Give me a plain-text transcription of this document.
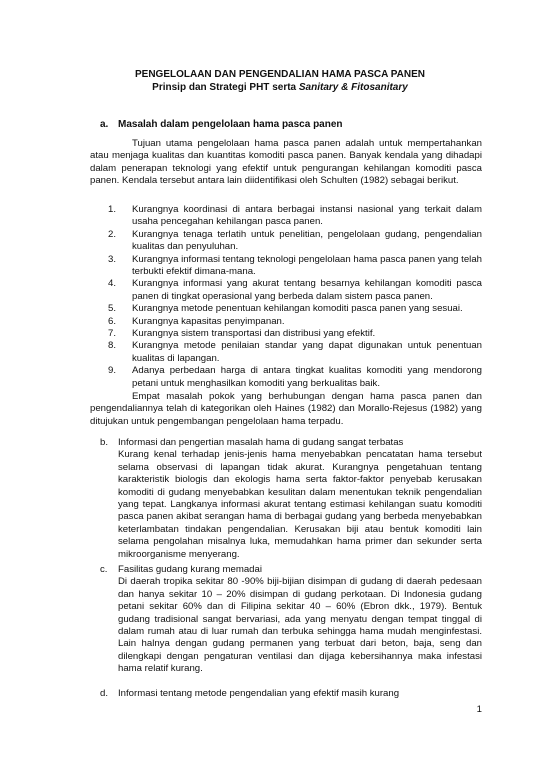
PENGELOLAAN DAN PENGENDALIAN HAMA PASCA PANEN
Prinsip dan Strategi PHT serta Sanitary & Fitosanitary
a. Masalah dalam pengelolaan hama pasca panen
Tujuan utama pengelolaan hama pasca panen adalah untuk mempertahankan atau menjaga kualitas dan kuantitas komoditi pasca panen. Banyak kendala yang dihadapi dalam penerapan teknologi yang efektif untuk pengurangan kehilangan komoditi pasca panen. Kendala tersebut antara lain diidentifikasi oleh Schulten (1982) sebagai berikut.
1.	Kurangnya koordinasi di antara berbagai instansi nasional yang terkait dalam usaha pencegahan kehilangan pasca panen.
2.	Kurangnya tenaga terlatih untuk penelitian, pengelolaan gudang, pengendalian kualitas dan penyuluhan.
3.	Kurangnya informasi tentang teknologi pengelolaan hama pasca panen yang telah terbukti efektif dimana-mana.
4.	Kurangnya informasi yang akurat tentang besarnya kehilangan komoditi pasca panen di tingkat operasional yang berbeda dalam sistem pasca panen.
5.	Kurangnya metode penentuan kehilangan komoditi pasca panen yang sesuai.
6.	Kurangnya kapasitas penyimpanan.
7.	Kurangnya sistem transportasi dan distribusi yang efektif.
8.	Kurangnya metode penilaian standar yang dapat digunakan untuk penentuan kualitas di lapangan.
9.	Adanya perbedaan harga di antara tingkat kualitas komoditi yang mendorong petani untuk menghasilkan komoditi yang berkualitas baik.
Empat masalah pokok yang berhubungan dengan hama pasca panen dan pengendaliannya telah di kategorikan oleh Haines (1982) dan Morallo-Rejesus (1982) yang ditujukan untuk pengembangan pengelolaan hama terpadu.
b. Informasi dan pengertian masalah hama di gudang sangat terbatas
Kurang kenal terhadap jenis-jenis hama menyebabkan pencatatan hama tersebut selama observasi di lapangan tidak akurat. Kurangnya pengetahuan tentang karakteristik biologis dan ekologis hama serta faktor-faktor penyebab kerusakan komoditi di gudang menyebabkan kesulitan dalam menentukan teknik pengendalian yang tepat. Langkanya informasi akurat tentang estimasi kehilangan suatu komoditi pasca panen akibat serangan hama di berbagai gudang yang berbeda menyebabkan keterlambatan tindakan pengendalian. Kerusakan biji atau bentuk komoditi lain selama pengolahan misalnya luka, memudahkan hama primer dan sekunder serta mikroorganisme menyerang.
c. Fasilitas gudang kurang memadai
Di daerah tropika sekitar 80 -90% biji-bijian disimpan di gudang di daerah pedesaan dan hanya sekitar 10 – 20% disimpan di gudang perkotaan. Di Indonesia gudang petani sekitar 60% dan di Filipina sekitar 40 – 60% (Ebron dkk., 1979). Bentuk gudang tradisional sangat bervariasi, ada yang menyatu dengan tempat tinggal di dalam rumah atau di luar rumah dan terbuka sehingga hama mudah menginfestasi. Lain halnya dengan gudang permanen yang terbuat dari beton, baja, seng dan dilengkapi dengan pengaturan ventilasi dan dijaga kebersihannya maka infestasi hama relatif kurang.
d. Informasi tentang metode pengendalian yang efektif masih kurang
1
